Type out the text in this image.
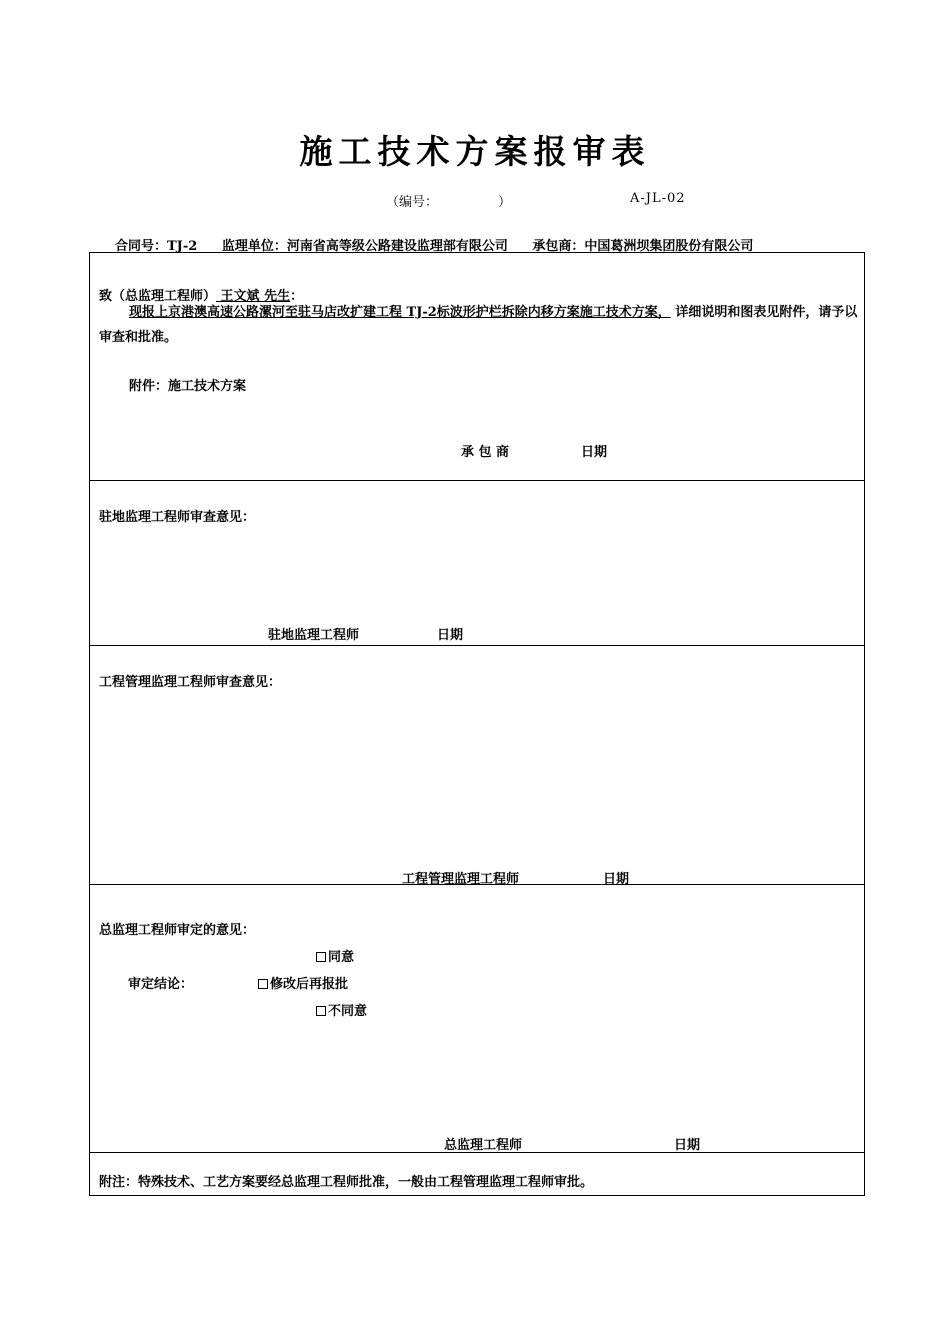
施工技术方案报审表
（编号：	）	A-JL-02
合同号：TJ-2 监理单位：河南省高等级公路建设监理部有限公司 承包商：中国葛洲坝集团股份有限公司
致（总监理工程师） 王文斌 先生：
现报上京港澳高速公路漯河至驻马店改扩建工程 TJ-2标波形护栏拆除内移方案施工技术方案， 详细说明和图表见附件，请予以审查和批准。
附件：施工技术方案
承 包 商	日期
驻地监理工程师审查意见：
驻地监理工程师	日期
工程管理监理工程师审查意见：
工程管理监理工程师	日期
总监理工程师审定的意见：
同意
审定结论：	修改后再报批
不同意
总监理工程师	日期
附注：特殊技术、工艺方案要经总监理工程师批准，一般由工程管理监理工程师审批。
